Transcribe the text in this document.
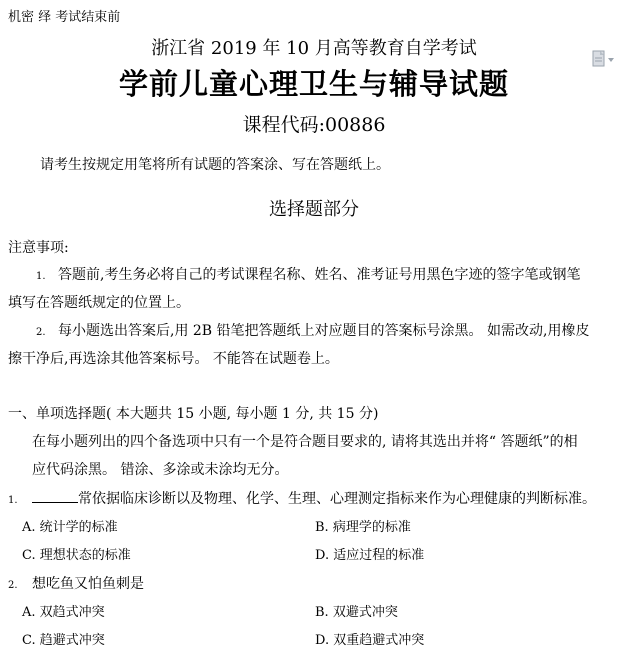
机密 绎 考试结束前
浙江省 2019 年 10 月高等教育自学考试
学前儿童心理卫生与辅导试题
课程代码:00886
请考生按规定用笔将所有试题的答案涂、写在答题纸上。
选择题部分
注意事项:
1. 答题前,考生务必将自己的考试课程名称、姓名、准考证号用黑色字迹的签字笔或钢笔
填写在答题纸规定的位置上。
2. 每小题选出答案后,用 2B 铅笔把答题纸上对应题目的答案标号涂黑。 如需改动,用橡皮
擦干净后,再选涂其他答案标号。 不能答在试题卷上。
一、单项选择题( 本大题共 15 小题, 每小题 1 分, 共 15 分)
在每小题列出的四个备选项中只有一个是符合题目要求的, 请将其选出并将“ 答题纸”的相
应代码涂黑。 错涂、多涂或未涂均无分。
1.	常依据临床诊断以及物理、化学、生理、心理测定指标来作为心理健康的判断标准。
A. 统计学的标准	B. 病理学的标准
C. 理想状态的标准	D. 适应过程的标准
2. 想吃鱼又怕鱼刺是
A. 双趋式冲突	B. 双避式冲突
C. 趋避式冲突	D. 双重趋避式冲突
